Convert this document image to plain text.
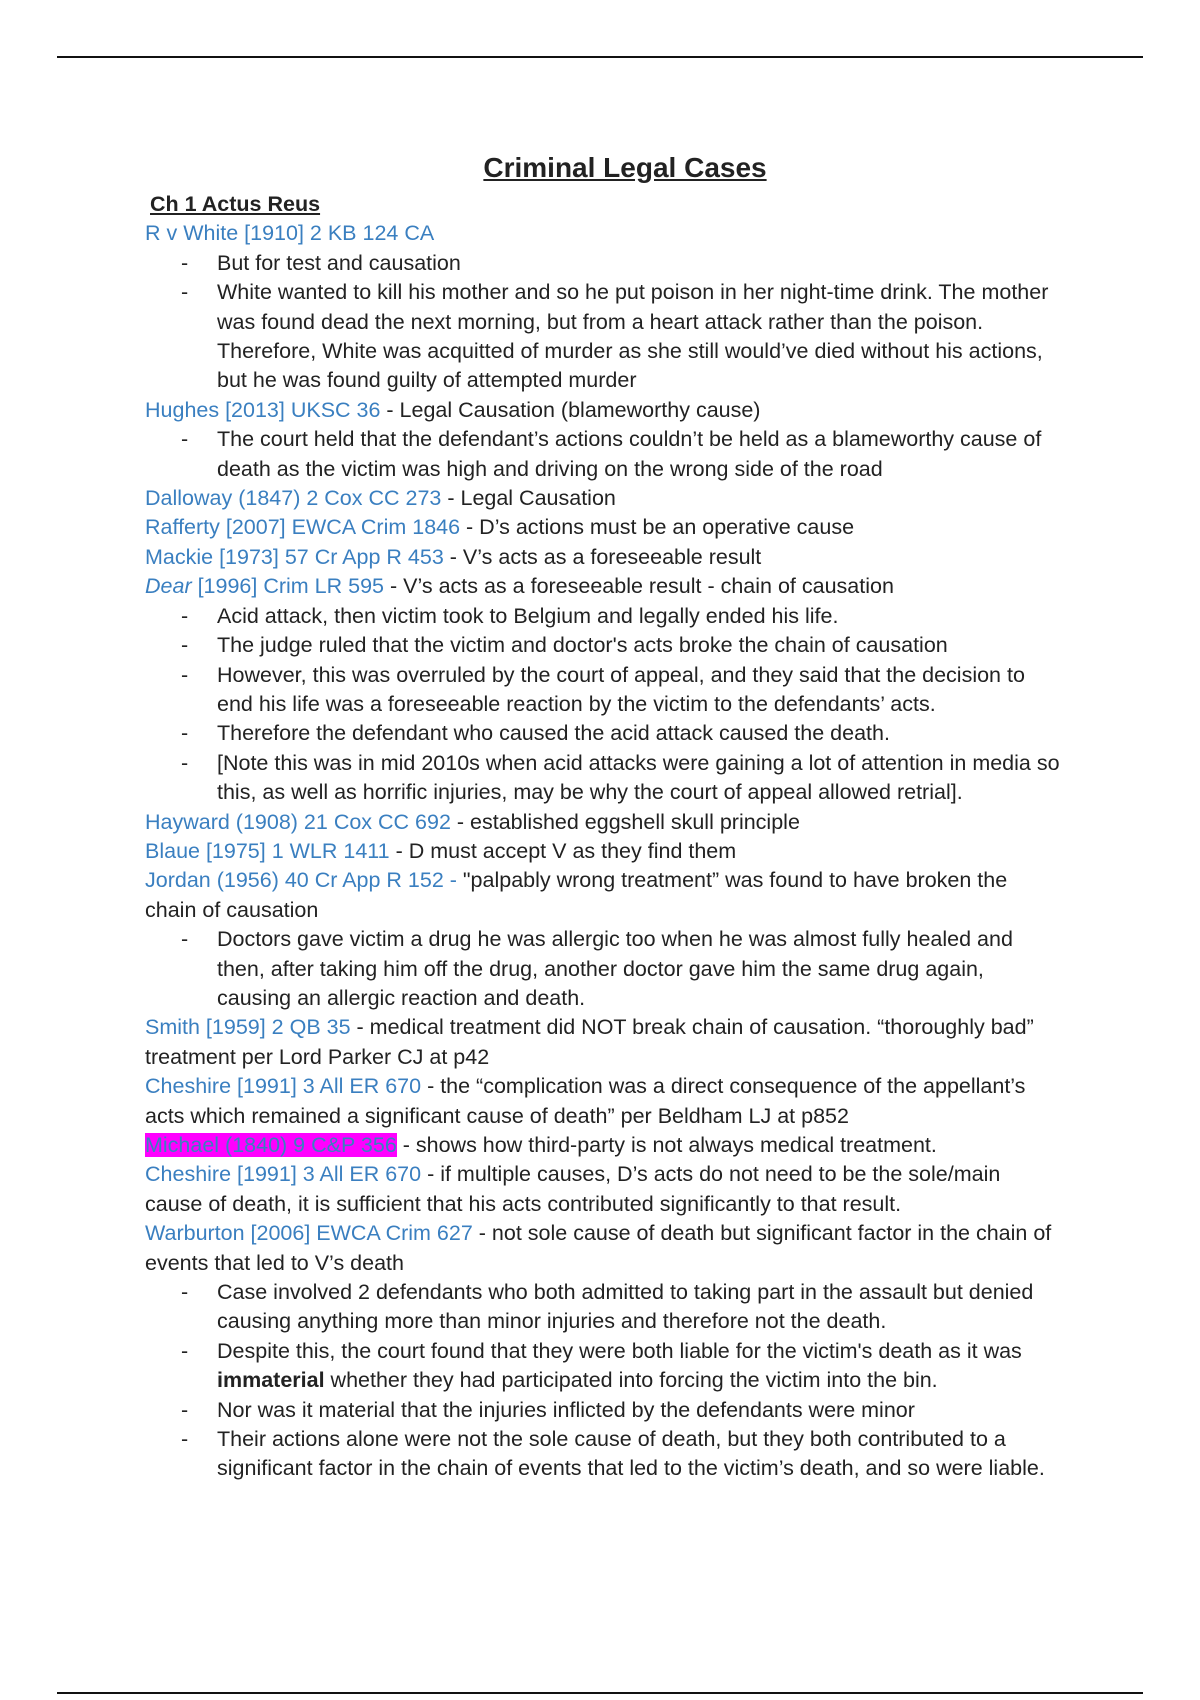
Criminal Legal Cases
Ch 1 Actus Reus
R v White [1910] 2 KB 124 CA
- But for test and causation
- White wanted to kill his mother and so he put poison in her night-time drink. The mother was found dead the next morning, but from a heart attack rather than the poison. Therefore, White was acquitted of murder as she still would’ve died without his actions, but he was found guilty of attempted murder
Hughes [2013] UKSC 36 - Legal Causation (blameworthy cause)
- The court held that the defendant’s actions couldn’t be held as a blameworthy cause of death as the victim was high and driving on the wrong side of the road
Dalloway (1847) 2 Cox CC 273 - Legal Causation
Rafferty [2007] EWCA Crim 1846 - D’s actions must be an operative cause
Mackie [1973] 57 Cr App R 453 - V’s acts as a foreseeable result
Dear [1996] Crim LR 595 - V’s acts as a foreseeable result - chain of causation
- Acid attack, then victim took to Belgium and legally ended his life.
- The judge ruled that the victim and doctor's acts broke the chain of causation
- However, this was overruled by the court of appeal, and they said that the decision to end his life was a foreseeable reaction by the victim to the defendants’ acts.
- Therefore the defendant who caused the acid attack caused the death.
- [Note this was in mid 2010s when acid attacks were gaining a lot of attention in media so this, as well as horrific injuries, may be why the court of appeal allowed retrial].
Hayward (1908) 21 Cox CC 692 - established eggshell skull principle
Blaue [1975] 1 WLR 1411 - D must accept V as they find them
Jordan (1956) 40 Cr App R 152 - "palpably wrong treatment” was found to have broken the chain of causation
- Doctors gave victim a drug he was allergic too when he was almost fully healed and then, after taking him off the drug, another doctor gave him the same drug again, causing an allergic reaction and death.
Smith [1959] 2 QB 35 - medical treatment did NOT break chain of causation. “thoroughly bad” treatment per Lord Parker CJ at p42
Cheshire [1991] 3 All ER 670 - the “complication was a direct consequence of the appellant’s acts which remained a significant cause of death” per Beldham LJ at p852
Michael (1840) 9 C&P 356 - shows how third-party is not always medical treatment.
Cheshire [1991] 3 All ER 670 - if multiple causes, D’s acts do not need to be the sole/main cause of death, it is sufficient that his acts contributed significantly to that result.
Warburton [2006] EWCA Crim 627 - not sole cause of death but significant factor in the chain of events that led to V’s death
- Case involved 2 defendants who both admitted to taking part in the assault but denied causing anything more than minor injuries and therefore not the death.
- Despite this, the court found that they were both liable for the victim's death as it was immaterial whether they had participated into forcing the victim into the bin.
- Nor was it material that the injuries inflicted by the defendants were minor
- Their actions alone were not the sole cause of death, but they both contributed to a significant factor in the chain of events that led to the victim’s death, and so were liable.
